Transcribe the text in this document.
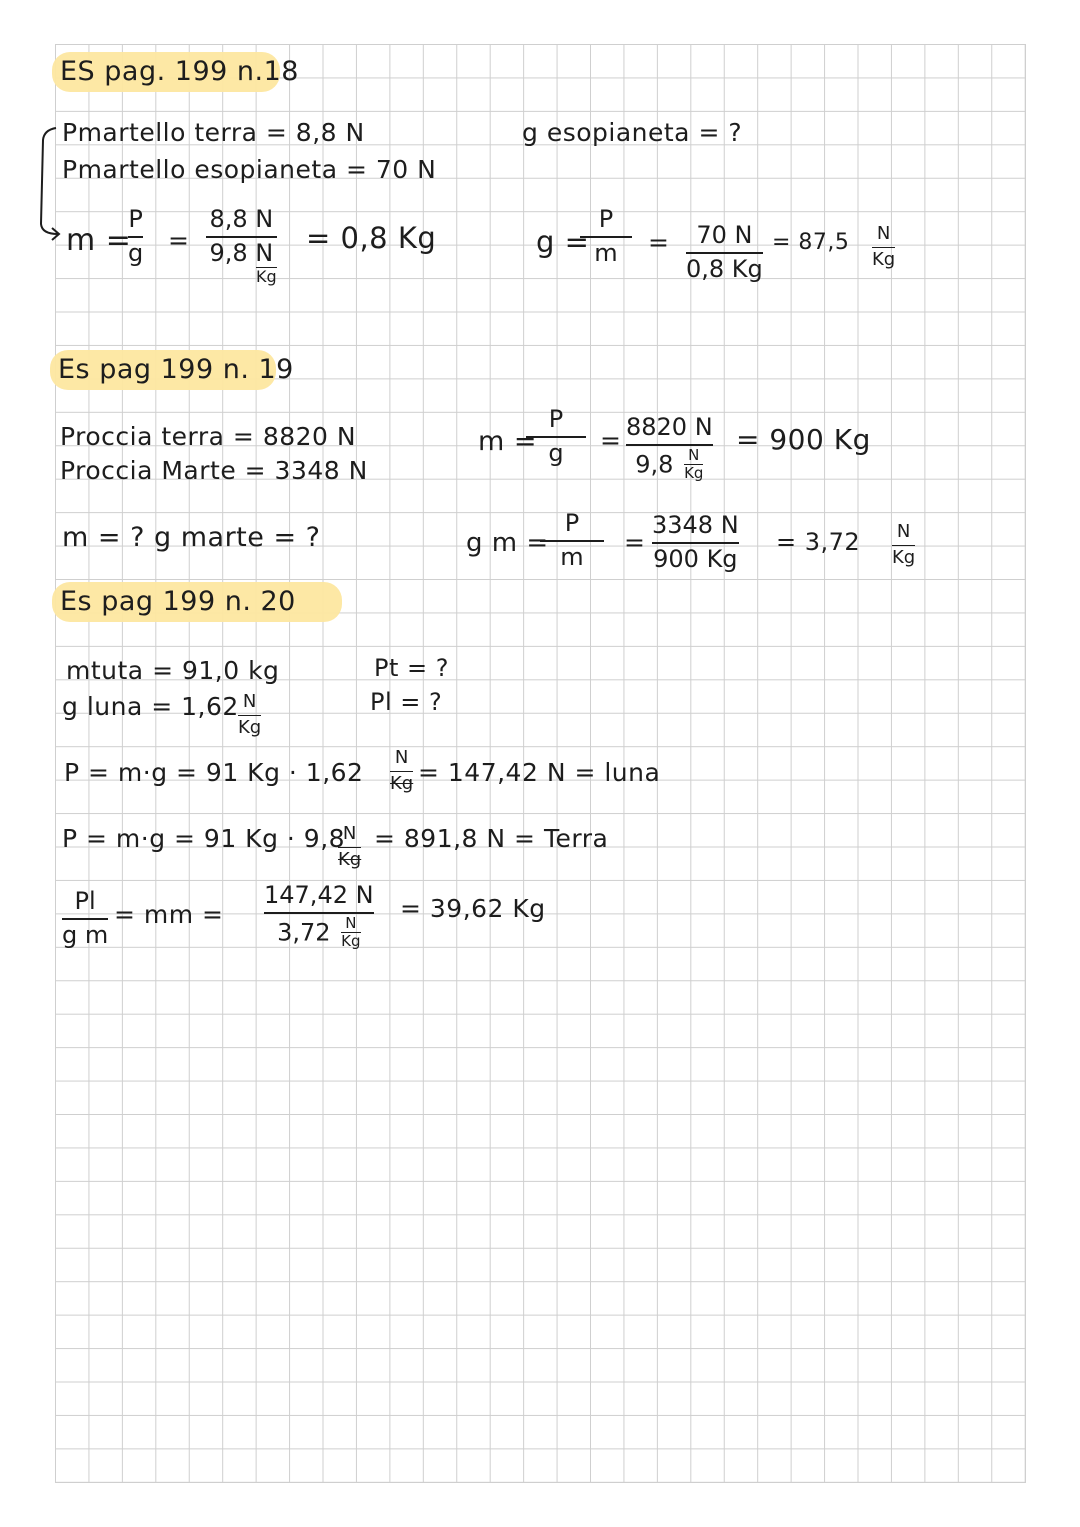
ES pag. 199 n.18
Pmartello terra = 8,8 N
Pmartello esopianeta = 70 N
g esopianeta = ?
m =
P
g =
8,8 N
9,8 N
Kg
= 0,8 Kg	g =
P
m = 70 N
0,8 Kg
= 87,5 N
Kg
Es pag 199 n. 19
Proccia terra = 8820 N
Proccia Marte = 3348 N
m = ? g marte = ?
m =
P
g = 8820 N
$9,8 \frac{N}{Kg}$
= 900 Kg
g m =
P
m =
3348 N
900 Kg
= 3,72 N
Kg
Es pag 199 n. 20
mtuta = 91,0 kg
g luna = 1,62 N
Kg
Pt = ?
Pl = ?
P = m·g = 91 Kg · 1,62
N
Kg = 147,42 N = luna
P = m·g = 91 Kg · 9,8
N
Kg
= 891,8 N = Terra
Pl
g m
= mm =
147,42 N
$3,72 \frac{N}{Kg}$
= 39,62 Kg
